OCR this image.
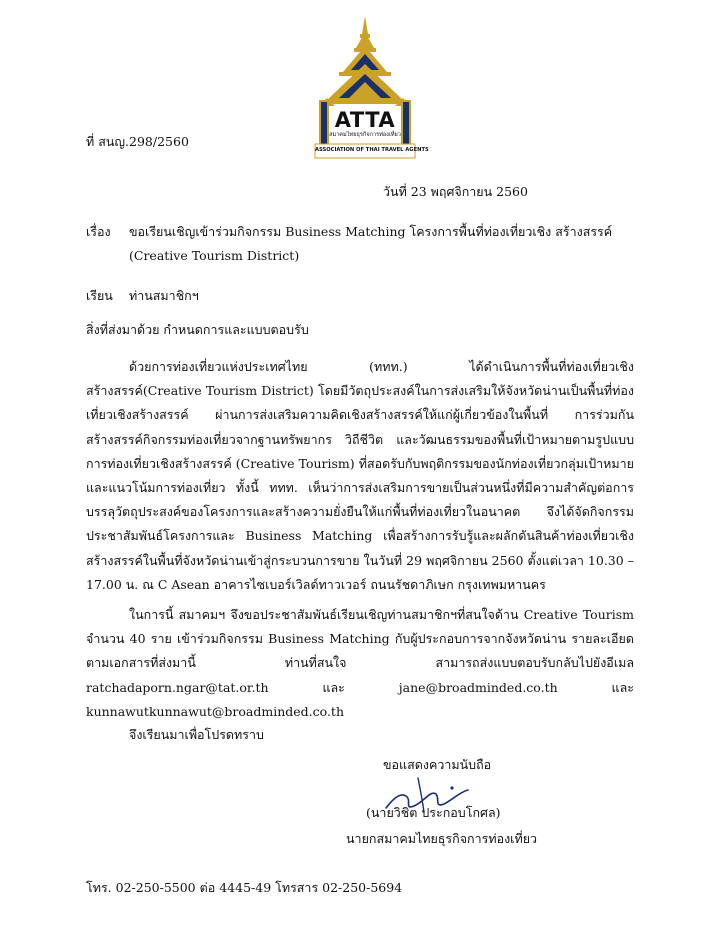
ATTA
สมาคมไทยธุรกิจการท่องเที่ยว
ASSOCIATION OF THAI TRAVEL AGENTS
ที่ สนญ.298/2560
วันที่ 23 พฤศจิกายน 2560
เรื่อง	ขอเรียนเชิญเข้าร่วมกิจกรรม Business Matching โครงการพื้นที่ท่องเที่ยวเชิง สร้างสรรค์ (Creative Tourism District)
เรียน	ท่านสมาชิกฯ
สิ่งที่ส่งมาด้วย กำหนดการและแบบตอบรับ
ด้วยการท่องเที่ยวแห่งประเทศไทย (ททท.) ได้ดำเนินการพื้นที่ท่องเที่ยวเชิงสร้างสรรค์(Creative Tourism District) โดยมีวัตถุประสงค์ในการส่งเสริมให้จังหวัดน่านเป็นพื้นที่ท่องเที่ยวเชิงสร้างสรรค์ ผ่านการส่งเสริมความคิดเชิงสร้างสรรค์ให้แก่ผู้เกี่ยวข้องในพื้นที่ การร่วมกันสร้างสรรค์กิจกรรมท่องเที่ยวจากฐานทรัพยากร วิถีชีวิต และวัฒนธรรมของพื้นที่เป้าหมายตามรูปแบบการท่องเที่ยวเชิงสร้างสรรค์ (Creative Tourism) ที่สอดรับกับพฤติกรรมของนักท่องเที่ยวกลุ่มเป้าหมายและแนวโน้มการท่องเที่ยว ทั้งนี้ ททท. เห็นว่าการส่งเสริมการขายเป็นส่วนหนึ่งที่มีความสำคัญต่อการบรรลุวัตถุประสงค์ของโครงการและสร้างความยั่งยืนให้แก่พื้นที่ท่องเที่ยวในอนาคต จึงได้จัดกิจกรรมประชาสัมพันธ์โครงการและ Business Matching เพื่อสร้างการรับรู้และผลักดันสินค้าท่องเที่ยวเชิงสร้างสรรค์ในพื้นที่จังหวัดน่านเข้าสู่กระบวนการขาย ในวันที่ 29 พฤศจิกายน 2560 ตั้งแต่เวลา 10.30 – 17.00 น. ณ C Asean อาคารไซเบอร์เวิลด์ทาวเวอร์ ถนนรัชดาภิเษก กรุงเทพมหานคร
ในการนี้ สมาคมฯ จึงขอประชาสัมพันธ์เรียนเชิญท่านสมาชิกฯที่สนใจด้าน Creative Tourism จำนวน 40 ราย เข้าร่วมกิจกรรม Business Matching กับผู้ประกอบการจากจังหวัดน่าน รายละเอียดตามเอกสารที่ส่งมานี้ ท่านที่สนใจ สามารถส่งแบบตอบรับกลับไปยังอีเมล ratchadaporn.ngar@tat.or.th และ jane@broadminded.co.th และ kunnawutkunnawut@broadminded.co.th
จึงเรียนมาเพื่อโปรดทราบ
ขอแสดงความนับถือ
(นายวิชิต ประกอบโกศล)
นายกสมาคมไทยธุรกิจการท่องเที่ยว
โทร. 02-250-5500 ต่อ 4445-49 โทรสาร 02-250-5694
